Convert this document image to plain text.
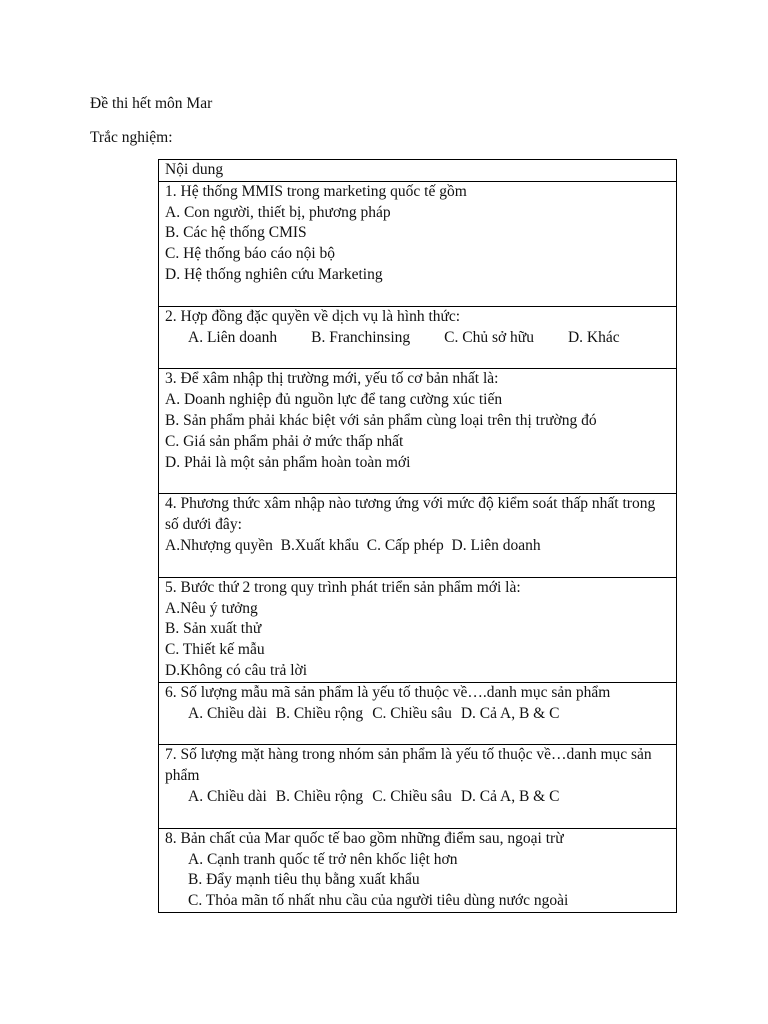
Đề thi hết môn Mar

Trắc nghiệm:

Nội dung

1. Hệ thống MMIS trong marketing quốc tế gồm
A. Con người, thiết bị, phương pháp
B. Các hệ thống CMIS
C. Hệ thống báo cáo nội bộ
D. Hệ thống nghiên cứu Marketing

2. Hợp đồng đặc quyền về dịch vụ là hình thức:
A. Liên doanh B. Franchinsing C. Chủ sở hữu D. Khác

3. Để xâm nhập thị trường mới, yếu tố cơ bản nhất là:
A. Doanh nghiệp đủ nguồn lực để tang cường xúc tiến
B. Sản phẩm phải khác biệt với sản phẩm cùng loại trên thị trường đó
C. Giá sản phẩm phải ở mức thấp nhất
D. Phải là một sản phẩm hoàn toàn mới

4. Phương thức xâm nhập nào tương ứng với mức độ kiểm soát thấp nhất trong số dưới đây:
A.Nhượng quyền B.Xuất khẩu C. Cấp phép D. Liên doanh

5. Bước thứ 2 trong quy trình phát triển sản phẩm mới là:
A.Nêu ý tưởng
B. Sản xuất thử
C. Thiết kế mẫu
D.Không có câu trả lời

6. Số lượng mẫu mã sản phẩm là yếu tố thuộc về….danh mục sản phẩm
A. Chiều dài B. Chiều rộng C. Chiều sâu D. Cả A, B & C

7. Số lượng mặt hàng trong nhóm sản phẩm là yếu tố thuộc về…danh mục sản phẩm
A. Chiều dài B. Chiều rộng C. Chiều sâu D. Cả A, B & C

8. Bản chất của Mar quốc tế bao gồm những điểm sau, ngoại trừ
A. Cạnh tranh quốc tế trở nên khốc liệt hơn
B. Đẩy mạnh tiêu thụ bằng xuất khẩu
C. Thỏa mãn tố nhất nhu cầu của người tiêu dùng nước ngoài
